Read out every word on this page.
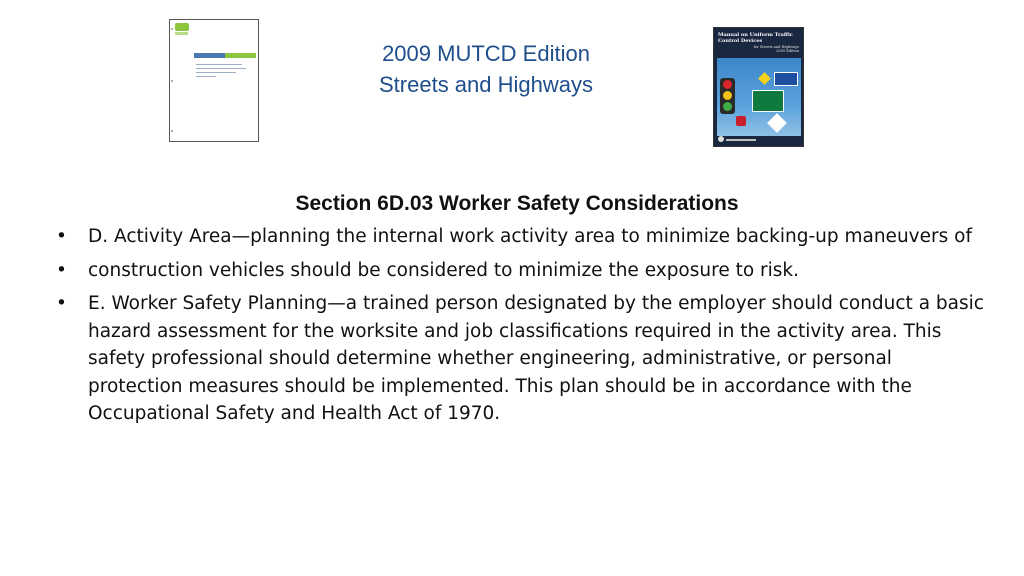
2009 MUTCD Edition
Streets and Highways
Manual on Uniform Traffic Control Devices
for Streets and Highways
2009 Edition
Section 6D.03 Worker Safety Considerations
•	D. Activity Area—planning the internal work activity area to minimize backing-up maneuvers of
•	construction vehicles should be considered to minimize the exposure to risk.
•	E. Worker Safety Planning—a trained person designated by the employer should conduct a basic hazard assessment for the worksite and job classifications required in the activity area. This safety professional should determine whether engineering, administrative, or personal protection measures should be implemented. This plan should be in accordance with the Occupational Safety and Health Act of 1970.
